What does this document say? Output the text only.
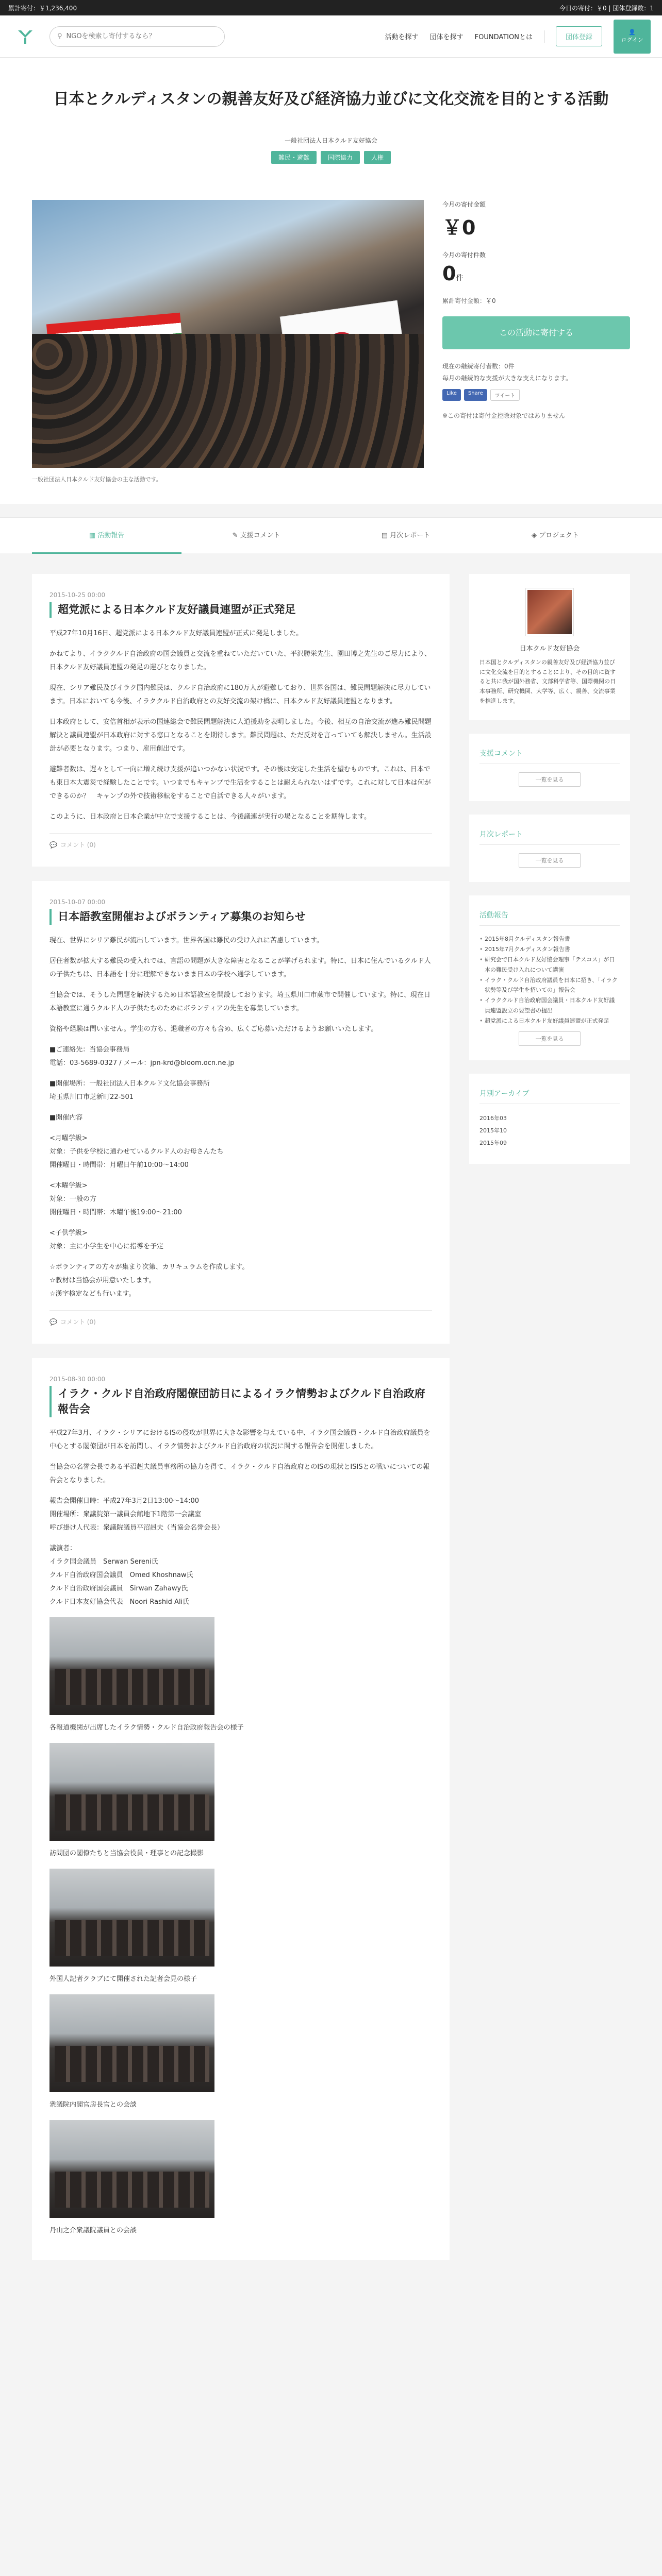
累計寄付：￥1,236,400	今日の寄付：￥0 | 団体登録数：1
⚲
NGOを検索し寄付するなら？	活動を探す 団体を探す FOUNDATIONとは	団体登録
👤
ログイン
日本とクルディスタンの親善友好及び経済協力並びに文化交流を目的とする活動
一般社団法人日本クルド友好協会
難民・避難	国際協力	人権
今月の寄付金額
￥0
今月の寄付件数
0件
累計寄付金額：￥0
この活動に寄付する
現在の継続寄付者数：0件
毎月の継続的な支援が大きな支えになります。
Like	Share	ツイート
※この寄付は寄付金控除対象ではありません
一般社団法人日本クルド友好協会の主な活動です。
▦ 活動報告	✎ 支援コメント	▤ 月次レポート	◈ プロジェクト
2015-10-25 00:00
超党派による日本クルド友好議員連盟が正式発足

平成27年10月16日、超党派による日本クルド友好議員連盟が正式に発足しました。

かねてより、イラククルド自治政府の国会議員と交流を重ねていただいていた、平沢勝栄先生、園田博之先生のご尽力により、日本クルド友好議員連盟の発足の運びとなりました。

現在、シリア難民及びイラク国内難民は、クルド自治政府に180万人が避難しており、世界各国は、難民問題解決に尽力しています。日本においても今後、イラククルド自治政府との友好交流の架け橋に、日本クルド友好議員連盟となります。

日本政府として、安倍首相が表示の国連総会で難民問題解決に人道援助を表明しました。今後、相互の自治交流が進み難民問題解決と議員連盟が日本政府に対する窓口となることを期待します。難民問題は、ただ反対を言っていても解決しません。生活設計が必要となります。つまり、雇用創出です。

避難者数は、遅々として一向に増え続け支援が追いつかない状況です。その後は安定した生活を望むものです。これは、日本でも東日本大震災で経験したことです。いつまでもキャンプで生活をすることは耐えられないはずです。これに対して日本は何ができるのか？　キャンプの外で技術移転をすることで自活できる人々がいます。

このように、日本政府と日本企業が中立で支援することは、今後議連が実行の場となることを期待します。

💬 コメント (0)
2015-10-07 00:00
日本語教室開催およびボランティア募集のお知らせ

現在、世界にシリア難民が流出しています。世界各国は難民の受け入れに苦慮しています。

居住者数が拡大する難民の受入れでは、言語の問題が大きな障害となることが挙げられます。特に、日本に住んでいるクルド人の子供たちは、日本語を十分に理解できないまま日本の学校へ通学しています。

当協会では、そうした問題を解決するため日本語教室を開設しております。埼玉県川口市蕨市で開催しています。特に、現在日本語教室に通うクルド人の子供たちのためにボランティアの先生を募集しています。

資格や経験は問いません。学生の方も、退職者の方々も含め、広くご応募いただけるようお願いいたします。

■ご連絡先：当協会事務局
電話：03-5689-0327 / メール：jpn-krd@bloom.ocn.ne.jp

■開催場所：一般社団法人日本クルド文化協会事務所
埼玉県川口市芝新町22-501

■開催内容

<月曜学級>
対象：子供を学校に通わせているクルド人のお母さんたち
開催曜日・時間帯：月曜日午前10:00〜14:00

<木曜学級>
対象：一般の方
開催曜日・時間帯：木曜午後19:00〜21:00

<子供学級>
対象：主に小学生を中心に指導を予定

☆ボランティアの方々が集まり次第、カリキュラムを作成します。
☆教材は当協会が用意いたします。
☆漢字検定なども行います。

💬 コメント (0)
2015-08-30 00:00
イラク・クルド自治政府閣僚団訪日によるイラク情勢およびクルド自治政府報告会

平成27年3月、イラク・シリアにおけるISの侵攻が世界に大きな影響を与えている中、イラク国会議員・クルド自治政府議員を中心とする閣僚団が日本を訪問し、イラク情勢およびクルド自治政府の状況に関する報告会を開催しました。

当協会の名誉会長である平沼赳夫議員事務所の協力を得て、イラク・クルド自治政府とのISの現状とISISとの戦いについての報告会となりました。

報告会開催日時：平成27年3月2日13:00〜14:00
開催場所：衆議院第一議員会館地下1階第一会議室
呼び掛け人代表：衆議院議員平沼赳夫（当協会名誉会長）

議演者：
イラク国会議員　Serwan Sereni氏
クルド自治政府国会議員　Omed Khoshnaw氏
クルド自治政府国会議員　Sirwan Zahawy氏
クルド日本友好協会代表　Noori Rashid Ali氏

各報道機関が出席したイラク情勢・クルド自治政府報告会の様子

訪問団の閣僚たちと当協会役員・理事との記念撮影

外国人記者クラブにて開催された記者会見の様子

衆議院内閣官房長官との会談

丹山之介衆議院議員との会談

日本クルド友好協会
日本国とクルディスタンの親善友好及び経済協力並びに文化交流を目的とすることにより、その目的に資すると共に我が国外務省、文部科学省等、国際機関の日本事務所、研究機関、大学等、広く、親善、交流事業を推進します。
支援コメント
一覧を見る
月次レポート
一覧を見る
活動報告
• 2015年8月クルディスタン報告書
• 2015年7月クルディスタン報告書
• 研究会で日本クルド友好協会理事「テスコス」が日本の難民受け入れについて講演
• イラク・クルド自治政府議員を日本に招き、「イラク状勢等及び学生を招いての」報告会
• イラククルド自治政府国会議員・日本クルド友好議員連盟設立の要望書の提出
• 超党派による日本クルド友好議員連盟が正式発足
一覧を見る
月別アーカイブ
2016年03
2015年10
2015年09
